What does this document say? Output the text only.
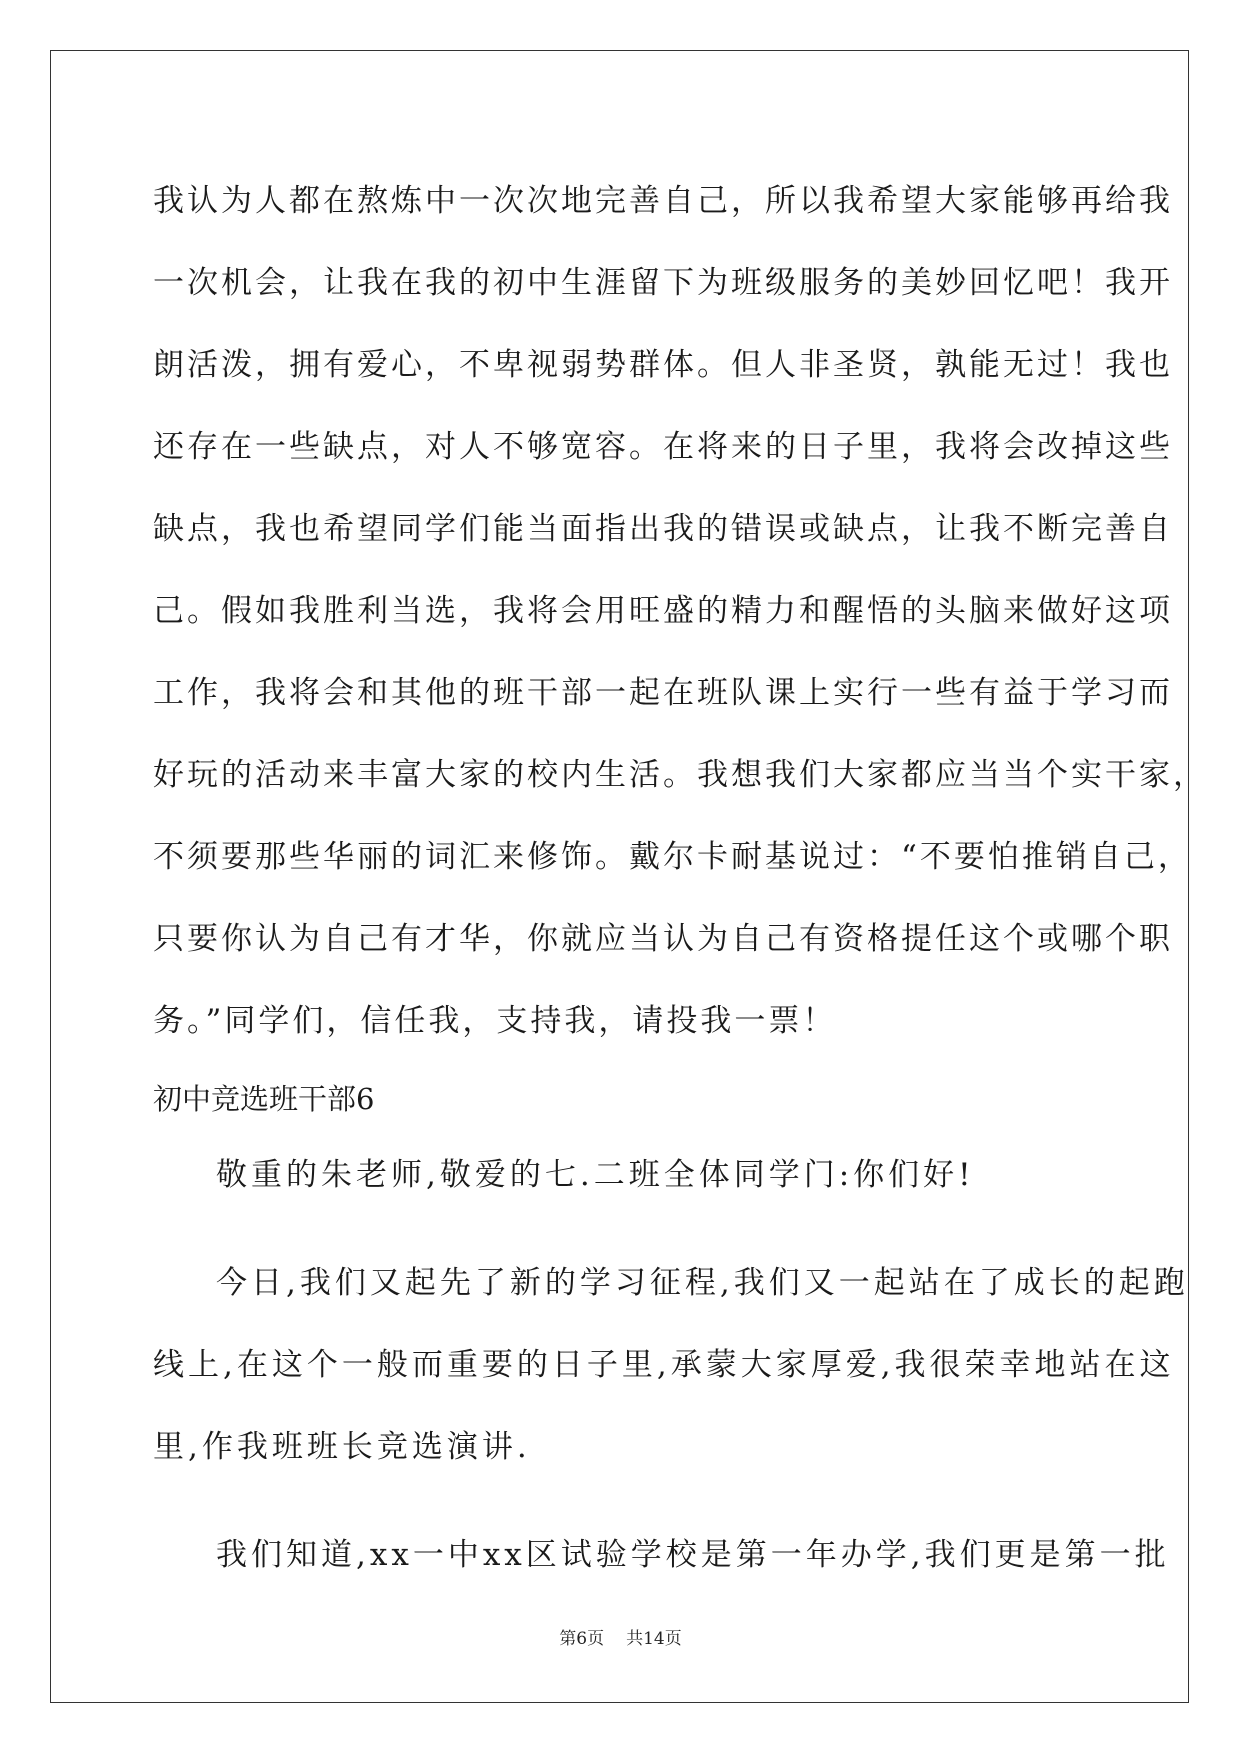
我认为人都在熬炼中一次次地完善自己，所以我希望大家能够再给我
一次机会，让我在我的初中生涯留下为班级服务的美妙回忆吧！我开
朗活泼，拥有爱心，不卑视弱势群体。但人非圣贤，孰能无过！我也
还存在一些缺点，对人不够宽容。在将来的日子里，我将会改掉这些
缺点，我也希望同学们能当面指出我的错误或缺点，让我不断完善自
己。假如我胜利当选，我将会用旺盛的精力和醒悟的头脑来做好这项
工作，我将会和其他的班干部一起在班队课上实行一些有益于学习而
好玩的活动来丰富大家的校内生活。我想我们大家都应当当个实干家，
不须要那些华丽的词汇来修饰。戴尔卡耐基说过：“不要怕推销自己，
只要你认为自己有才华，你就应当认为自己有资格提任这个或哪个职
务。”同学们，信任我，支持我，请投我一票！
初中竞选班干部6
敬重的朱老师,敬爱的七.二班全体同学门:你们好!
今日,我们又起先了新的学习征程,我们又一起站在了成长的起跑
线上,在这个一般而重要的日子里,承蒙大家厚爱,我很荣幸地站在这
里,作我班班长竞选演讲.
我们知道,xx一中xx区试验学校是第一年办学,我们更是第一批
第6页 共14页
